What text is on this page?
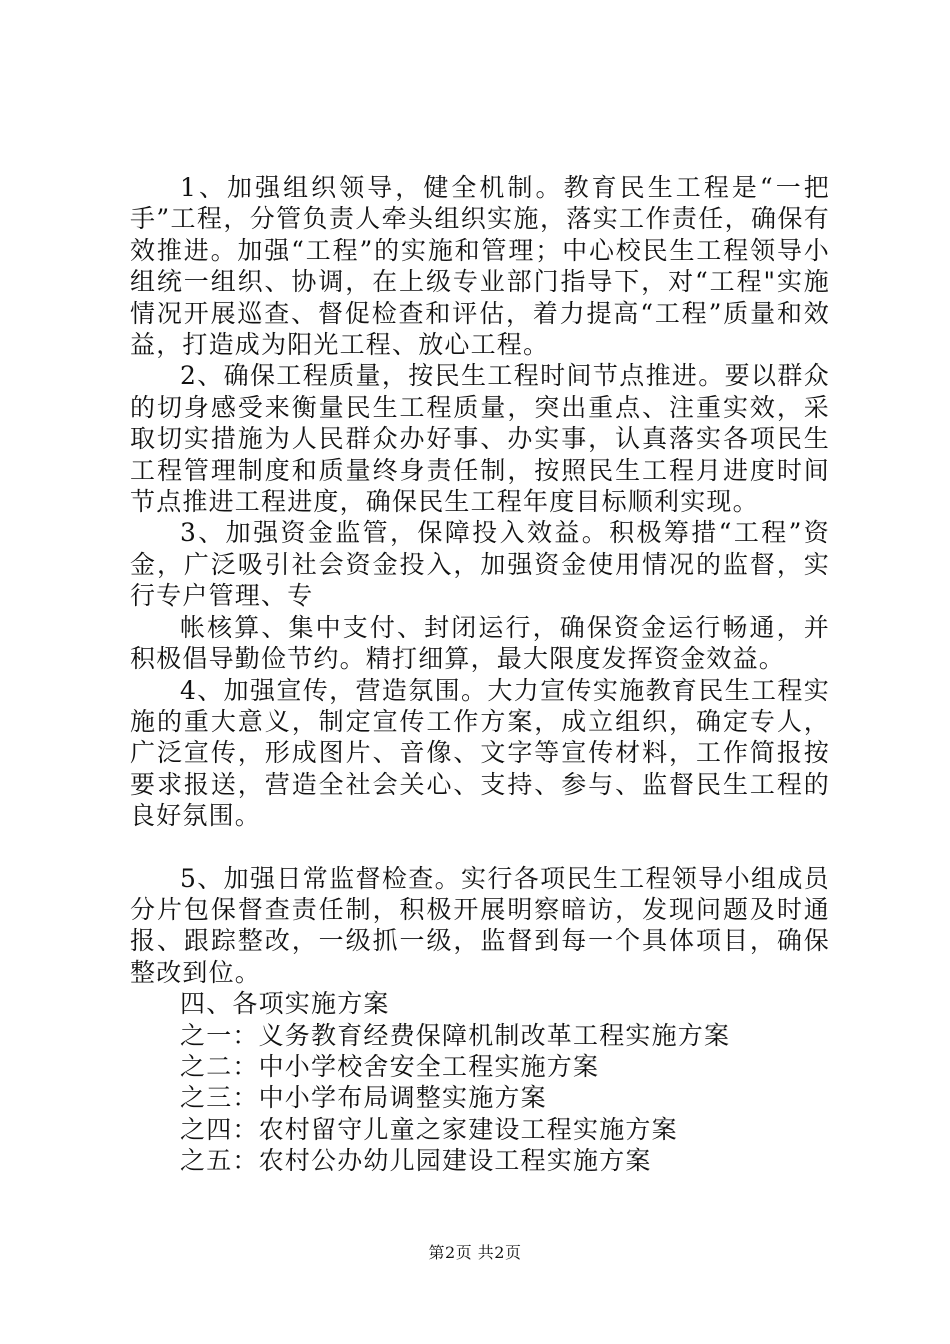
1、加强组织领导，健全机制。教育民生工程是“一把手”工程，分管负责人牵头组织实施，落实工作责任，确保有效推进。加强“工程”的实施和管理；中心校民生工程领导小组统一组织、协调，在上级专业部门指导下，对“工程"实施情况开展巡查、督促检查和评估，着力提高“工程”质量和效益，打造成为阳光工程、放心工程。

2、确保工程质量，按民生工程时间节点推进。要以群众的切身感受来衡量民生工程质量，突出重点、注重实效，采取切实措施为人民群众办好事、办实事，认真落实各项民生工程管理制度和质量终身责任制，按照民生工程月进度时间节点推进工程进度，确保民生工程年度目标顺利实现。

3、加强资金监管，保障投入效益。积极筹措“工程”资金，广泛吸引社会资金投入，加强资金使用情况的监督，实行专户管理、专

帐核算、集中支付、封闭运行，确保资金运行畅通，并积极倡导勤俭节约。精打细算，最大限度发挥资金效益。

4、加强宣传，营造氛围。大力宣传实施教育民生工程实施的重大意义，制定宣传工作方案，成立组织，确定专人，广泛宣传，形成图片、音像、文字等宣传材料，工作简报按要求报送，营造全社会关心、支持、参与、监督民生工程的良好氛围。

5、加强日常监督检查。实行各项民生工程领导小组成员分片包保督查责任制，积极开展明察暗访，发现问题及时通报、跟踪整改，一级抓一级，监督到每一个具体项目，确保整改到位。

四、各项实施方案

之一：义务教育经费保障机制改革工程实施方案

之二：中小学校舍安全工程实施方案

之三：中小学布局调整实施方案

之四：农村留守儿童之家建设工程实施方案

之五：农村公办幼儿园建设工程实施方案

第2页 共2页
